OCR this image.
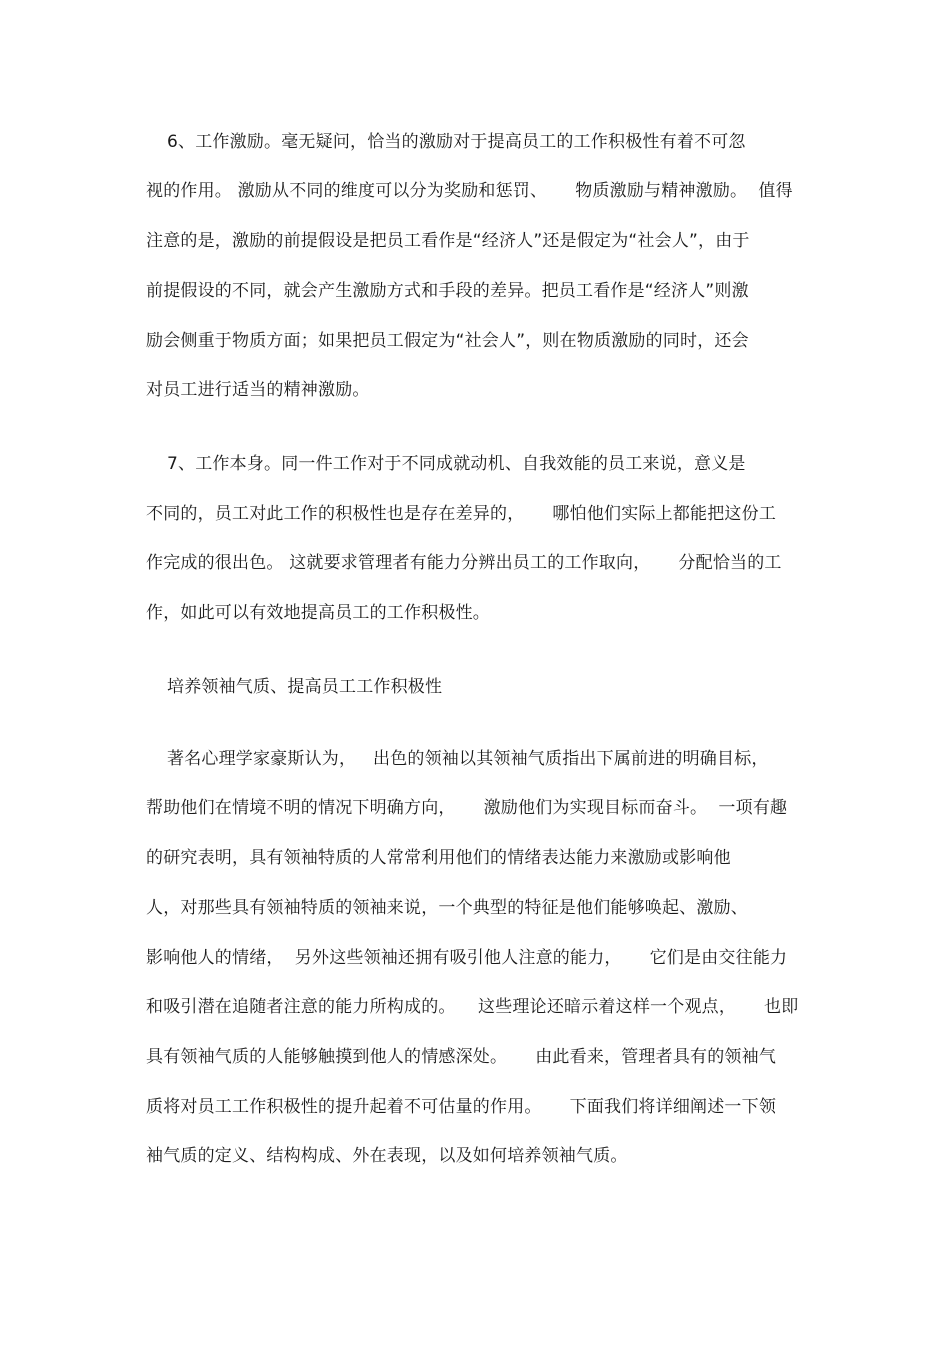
6、工作激励。毫无疑问，恰当的激励对于提高员工的工作积极性有着不可忽
视的作用。 激励从不同的维度可以分为奖励和惩罚、     物质激励与精神激励。  值得
注意的是，激励的前提假设是把员工看作是“经济人”还是假定为“社会人”，由于
前提假设的不同，就会产生激励方式和手段的差异。把员工看作是“经济人”则激
励会侧重于物质方面；如果把员工假定为“社会人”，则在物质激励的同时，还会
对员工进行适当的精神激励。
7、工作本身。同一件工作对于不同成就动机、自我效能的员工来说，意义是
不同的，员工对此工作的积极性也是存在差异的，     哪怕他们实际上都能把这份工
作完成的很出色。 这就要求管理者有能力分辨出员工的工作取向，     分配恰当的工
作，如此可以有效地提高员工的工作积极性。
培养领袖气质、提高员工工作积极性
著名心理学家豪斯认为，   出色的领袖以其领袖气质指出下属前进的明确目标，
帮助他们在情境不明的情况下明确方向，     激励他们为实现目标而奋斗。  一项有趣
的研究表明，具有领袖特质的人常常利用他们的情绪表达能力来激励或影响他
人，对那些具有领袖特质的领袖来说，一个典型的特征是他们能够唤起、激励、
影响他人的情绪，  另外这些领袖还拥有吸引他人注意的能力，     它们是由交往能力
和吸引潜在追随者注意的能力所构成的。    这些理论还暗示着这样一个观点，     也即
具有领袖气质的人能够触摸到他人的情感深处。     由此看来，管理者具有的领袖气
质将对员工工作积极性的提升起着不可估量的作用。     下面我们将详细阐述一下领
袖气质的定义、结构构成、外在表现，以及如何培养领袖气质。
